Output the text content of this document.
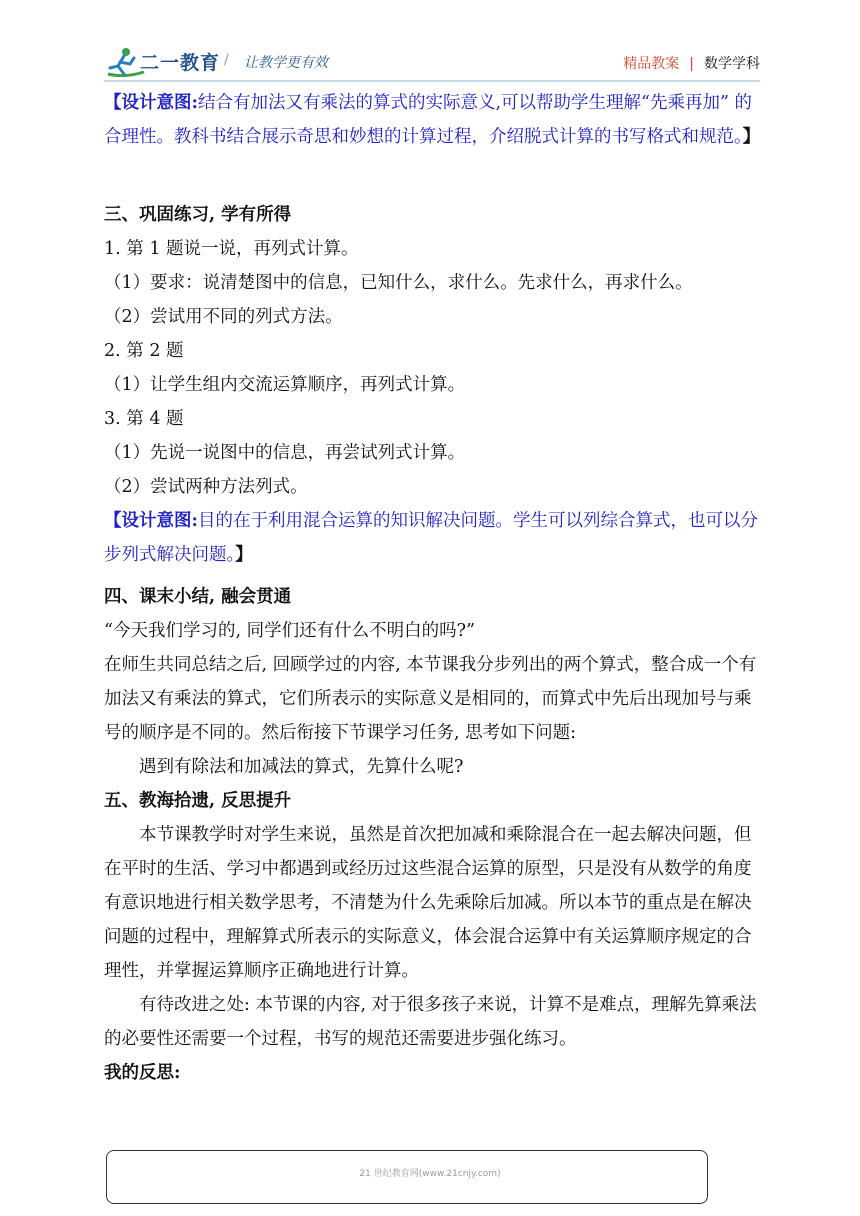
二一教育 / 让教学更有效	精品教案 | 数学学科

【设计意图:结合有加法又有乘法的算式的实际意义,可以帮助学生理解“先乘再加” 的合理性。教科书结合展示奇思和妙想的计算过程，介绍脱式计算的书写格式和规范。】

三、巩固练习, 学有所得

1. 第 1 题说一说，再列式计算。

（1）要求：说清楚图中的信息，已知什么，求什么。先求什么，再求什么。

（2）尝试用不同的列式方法。

2. 第 2 题

（1）让学生组内交流运算顺序，再列式计算。

3. 第 4 题

（1）先说一说图中的信息，再尝试列式计算。

（2）尝试两种方法列式。

【设计意图:目的在于利用混合运算的知识解决问题。学生可以列综合算式，也可以分步列式解决问题。】

四、课末小结, 融会贯通

“今天我们学习的, 同学们还有什么不明白的吗?”

在师生共同总结之后, 回顾学过的内容, 本节课我分步列出的两个算式，整合成一个有加法又有乘法的算式，它们所表示的实际意义是相同的，而算式中先后出现加号与乘号的顺序是不同的。然后衔接下节课学习任务, 思考如下问题:

遇到有除法和加减法的算式，先算什么呢?

五、教海拾遗, 反思提升

本节课教学时对学生来说，虽然是首次把加减和乘除混合在一起去解决问题，但在平时的生活、学习中都遇到或经历过这些混合运算的原型，只是没有从数学的角度有意识地进行相关数学思考，不清楚为什么先乘除后加减。所以本节的重点是在解决问题的过程中，理解算式所表示的实际意义，体会混合运算中有关运算顺序规定的合理性，并掌握运算顺序正确地进行计算。

有待改进之处: 本节课的内容, 对于很多孩子来说，计算不是难点，理解先算乘法的必要性还需要一个过程，书写的规范还需要进步强化练习。

我的反思:

21 世纪教育网(www.21cnjy.com)
